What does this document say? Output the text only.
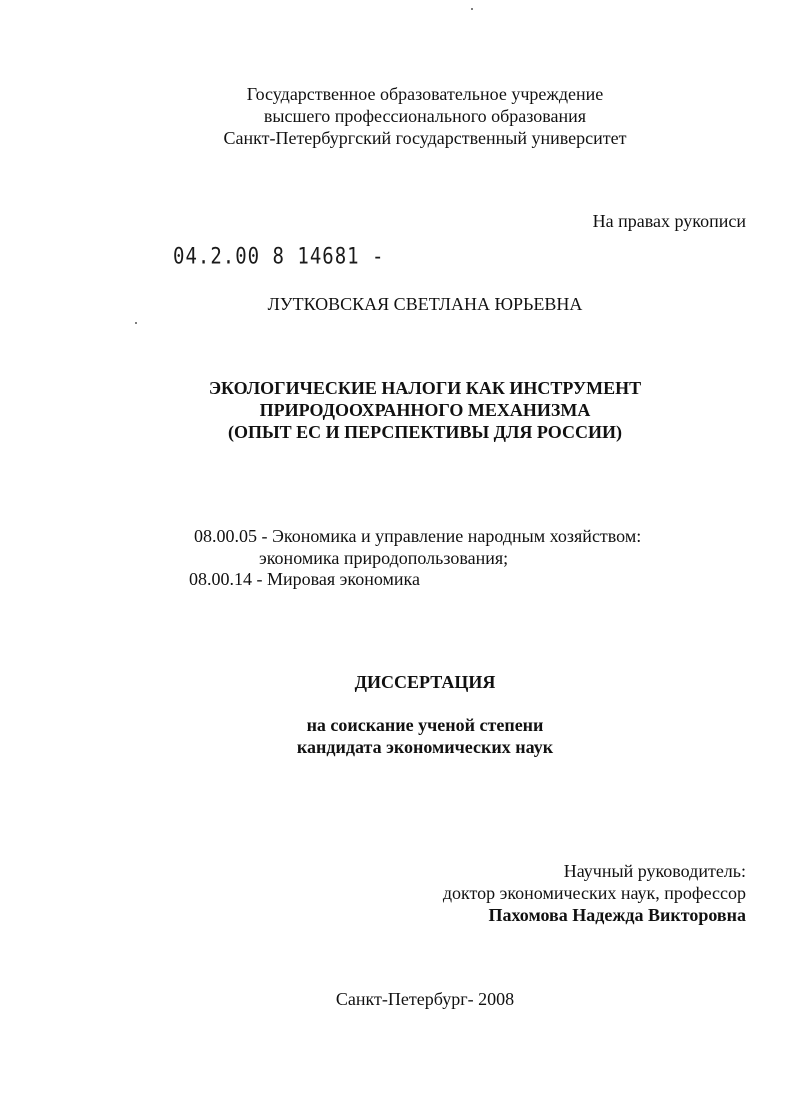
Государственное образовательное учреждение
высшего профессионального образования
Санкт-Петербургский государственный университет
На правах рукописи
04.2.00 8 14681 -
ЛУТКОВСКАЯ СВЕТЛАНА ЮРЬЕВНА
ЭКОЛОГИЧЕСКИЕ НАЛОГИ КАК ИНСТРУМЕНТ
ПРИРОДООХРАННОГО МЕХАНИЗМА
(ОПЫТ ЕС И ПЕРСПЕКТИВЫ ДЛЯ РОССИИ)
08.00.05 - Экономика и управление народным хозяйством:
экономика природопользования;
08.00.14 - Мировая экономика
ДИССЕРТАЦИЯ
на соискание ученой степени
кандидата экономических наук
Научный руководитель:
доктор экономических наук, профессор
Пахомова Надежда Викторовна
Санкт-Петербург- 2008
